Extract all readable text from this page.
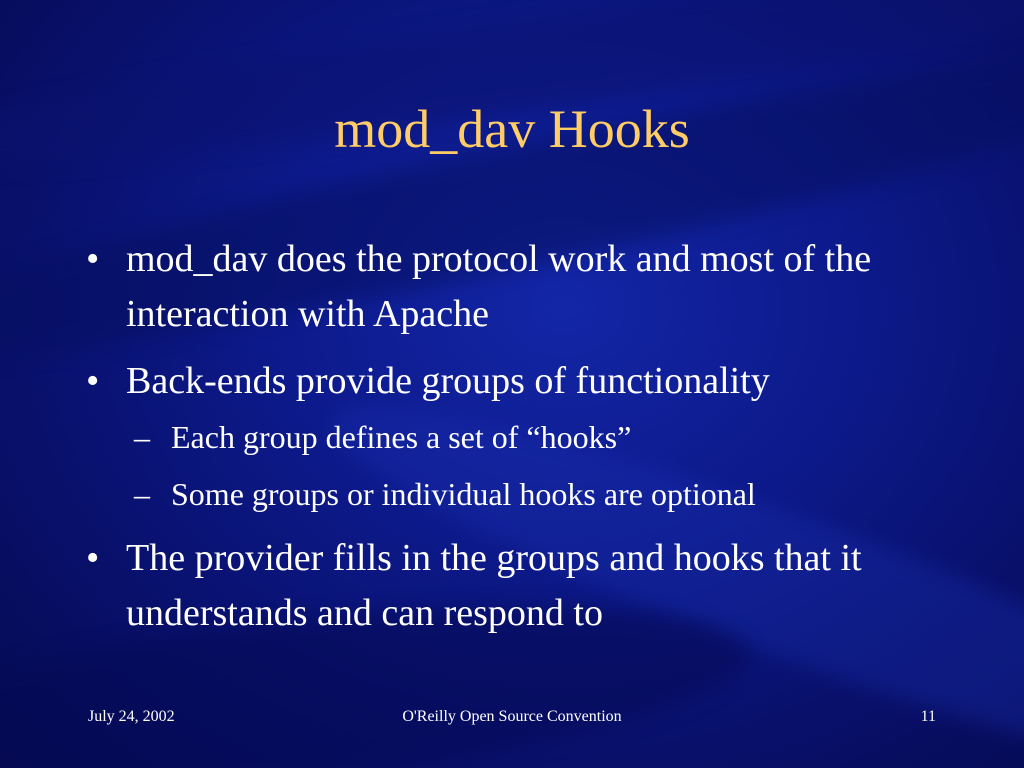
mod_dav Hooks
• mod_dav does the protocol work and most of the interaction with Apache
• Back-ends provide groups of functionality
– Each group defines a set of “hooks”
– Some groups or individual hooks are optional
• The provider fills in the groups and hooks that it understands and can respond to
July 24, 2002	O'Reilly Open Source Convention	11
